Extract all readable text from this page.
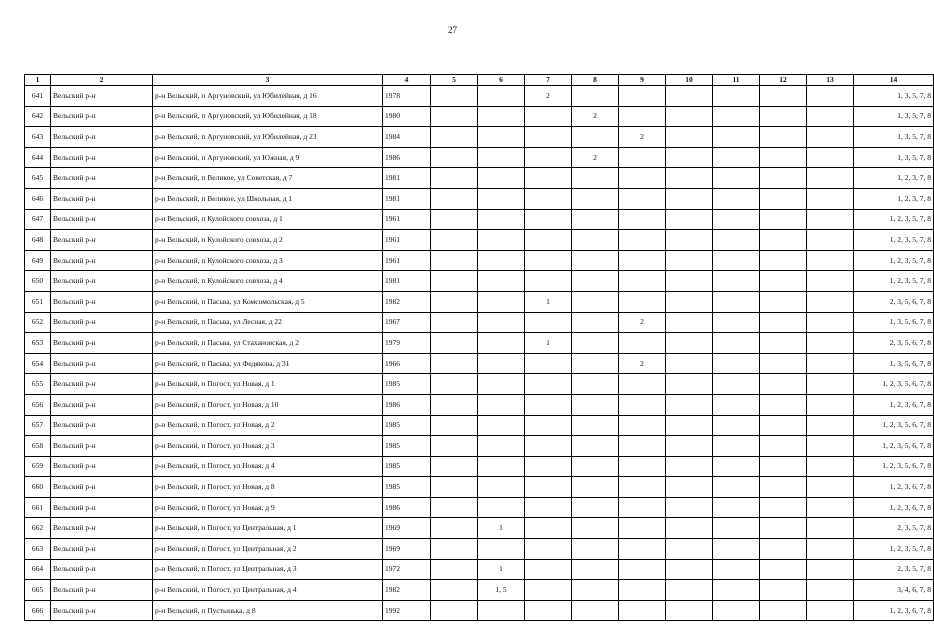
27
1	2	3	4	5	6	7	8	9	10	11	12	13	14
641	Вельский р-н	р-н Вельский, п Аргуновский, ул Юбилейная, д 16	1978			2							1, 3, 5, 7, 8
642	Вельский р-н	р-н Вельский, п Аргуновский, ул Юбилейная, д 18	1980				2						1, 3, 5, 7, 8
643	Вельский р-н	р-н Вельский, п Аргуновский, ул Юбилейная, д 23	1984					2					1, 3, 5, 7, 8
644	Вельский р-н	р-н Вельский, п Аргуновский, ул Южная, д 9	1986				2						1, 3, 5, 7, 8
645	Вельский р-н	р-н Вельский, п Великое, ул Советская, д 7	1981										1, 2, 3, 7, 8
646	Вельский р-н	р-н Вельский, п Великое, ул Школьная, д 1	1981										1, 2, 3, 7, 8
647	Вельский р-н	р-н Вельский, п Кулойского совхоза, д 1	1961										1, 2, 3, 5, 7, 8
648	Вельский р-н	р-н Вельский, п Кулойского совхоза, д 2	1961										1, 2, 3, 5, 7, 8
649	Вельский р-н	р-н Вельский, п Кулойского совхоза, д 3	1961										1, 2, 3, 5, 7, 8
650	Вельский р-н	р-н Вельский, п Кулойского совхоза, д 4	1981										1, 2, 3, 5, 7, 8
651	Вельский р-н	р-н Вельский, п Пасьва, ул Комсомольская, д 5	1982			1							2, 3, 5, 6, 7, 8
652	Вельский р-н	р-н Вельский, п Пасьва, ул Лесная, д 22	1967					2					1, 3, 5, 6, 7, 8
653	Вельский р-н	р-н Вельский, п Пасьва, ул Стахановская, д 2	1979			1							2, 3, 5, 6, 7, 8
654	Вельский р-н	р-н Вельский, п Пасьва, ул Федякова, д 31	1966					2					1, 3, 5, 6, 7, 8
655	Вельский р-н	р-н Вельский, п Погост, ул Новая, д 1	1985										1, 2, 3, 5, 6, 7, 8
656	Вельский р-н	р-н Вельский, п Погост, ул Новая, д 10	1986										1, 2, 3, 6, 7, 8
657	Вельский р-н	р-н Вельский, п Погост, ул Новая, д 2	1985										1, 2, 3, 5, 6, 7, 8
658	Вельский р-н	р-н Вельский, п Погост, ул Новая, д 3	1985										1, 2, 3, 5, 6, 7, 8
659	Вельский р-н	р-н Вельский, п Погост, ул Новая, д 4	1985										1, 2, 3, 5, 6, 7, 8
660	Вельский р-н	р-н Вельский, п Погост, ул Новая, д 8	1985										1, 2, 3, 6, 7, 8
661	Вельский р-н	р-н Вельский, п Погост, ул Новая, д 9	1986										1, 2, 3, 6, 7, 8
662	Вельский р-н	р-н Вельский, п Погост, ул Центральная, д 1	1969		1								2, 3, 5, 7, 8
663	Вельский р-н	р-н Вельский, п Погост, ул Центральная, д 2	1969										1, 2, 3, 5, 7, 8
664	Вельский р-н	р-н Вельский, п Погост, ул Центральная, д 3	1972		1								2, 3, 5, 7, 8
665	Вельский р-н	р-н Вельский, п Погост, ул Центральная, д 4	1982		1, 5								3, 4, 6, 7, 8
666	Вельский р-н	р-н Вельский, п Пустынька, д 8	1992										1, 2, 3, 6, 7, 8
